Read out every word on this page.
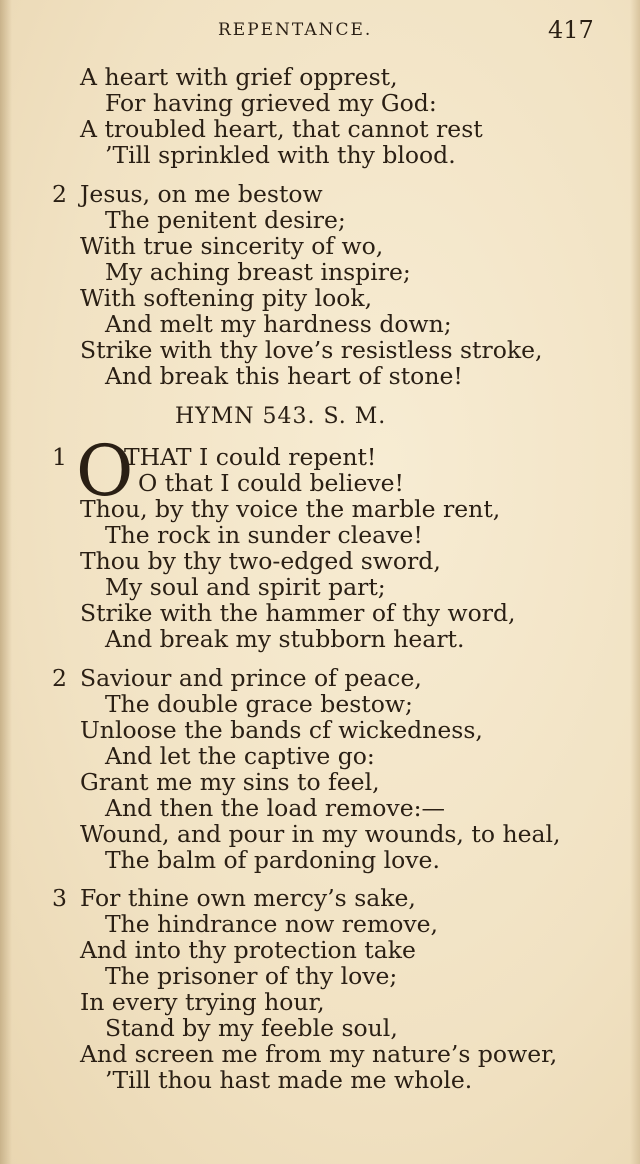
REPENTANCE.	417
A heart with grief opprest,
For having grieved my God:
A troubled heart, that cannot rest
’Till sprinkled with thy blood.
2 Jesus, on me bestow
The penitent desire;
With true sincerity of wo,
My aching breast inspire;
With softening pity look,
And melt my hardness down;
Strike with thy love’s resistless stroke,
And break this heart of stone!
HYMN 543. S. M.
1 O
THAT I could repent!
O that I could believe!
Thou, by thy voice the marble rent,
The rock in sunder cleave!
Thou by thy two-edged sword,
My soul and spirit part;
Strike with the hammer of thy word,
And break my stubborn heart.
2 Saviour and prince of peace,
The double grace bestow;
Unloose the bands cf wickedness,
And let the captive go:
Grant me my sins to feel,
And then the load remove:—
Wound, and pour in my wounds, to heal,
The balm of pardoning love.
3 For thine own mercy’s sake,
The hindrance now remove,
And into thy protection take
The prisoner of thy love;
In every trying hour,
Stand by my feeble soul,
And screen me from my nature’s power,
’Till thou hast made me whole.
